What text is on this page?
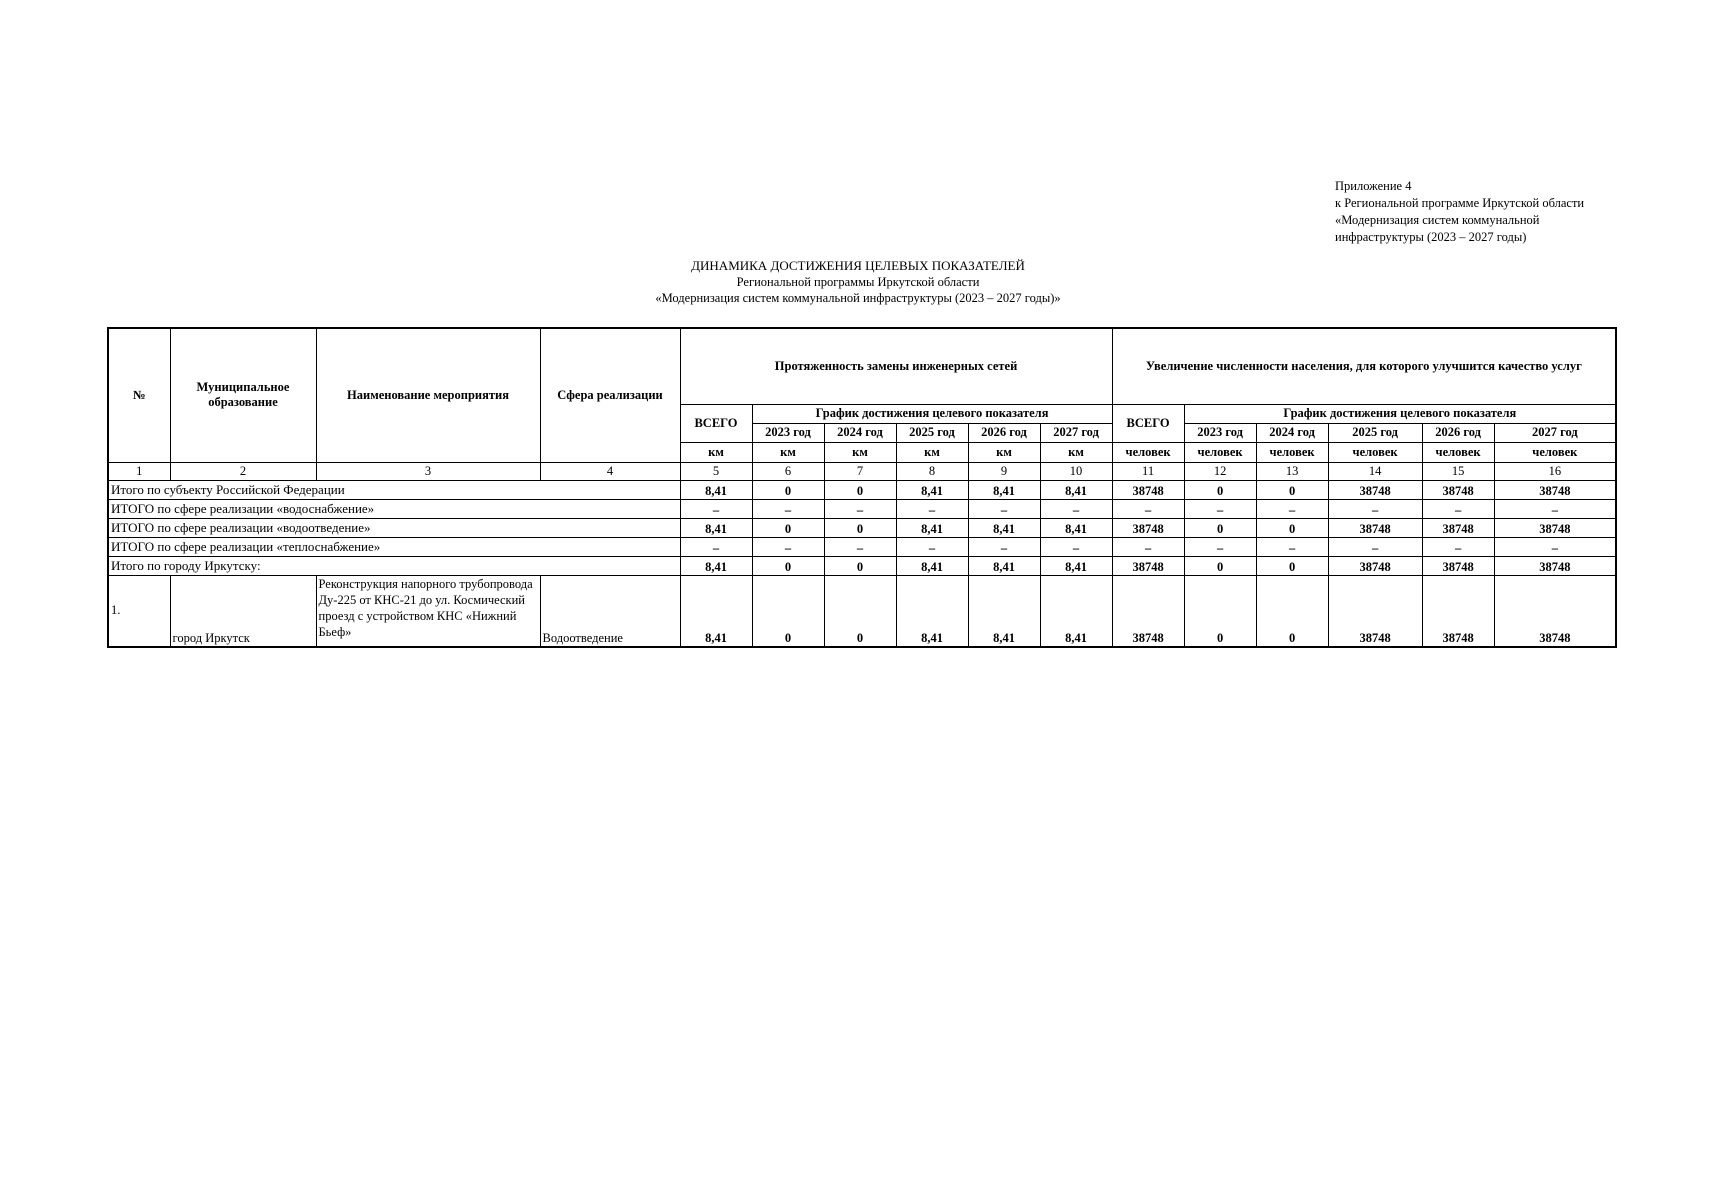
Приложение 4
к Региональной программе Иркутской области
«Модернизация систем коммунальной
инфраструктуры (2023 – 2027 годы)
ДИНАМИКА ДОСТИЖЕНИЯ ЦЕЛЕВЫХ ПОКАЗАТЕЛЕЙ
Региональной программы Иркутской области
«Модернизация систем коммунальной инфраструктуры (2023 – 2027 годы)»
№	Муниципальное образование	Наименование мероприятия	Сфера реализации	Протяженность замены инженерных сетей						Увеличение численности населения, для которого улучшится качество услуг					
				ВСЕГО	График достижения целевого показателя					ВСЕГО	График достижения целевого показателя				
					2023 год	2024 год	2025 год	2026 год	2027 год		2023 год	2024 год	2025 год	2026 год	2027 год
				км	км	км	км	км	км	человек	человек	человек	человек	человек	человек
1	2	3	4	5	6	7	8	9	10	11	12	13	14	15	16
Итого по субъекту Российской Федерации				8,41	0	0	8,41	8,41	8,41	38748	0	0	38748	38748	38748
ИТОГО по сфере реализации «водоснабжение»				–	–	–	–	–	–	–	–	–	–	–	–
ИТОГО по сфере реализации «водоотведение»				8,41	0	0	8,41	8,41	8,41	38748	0	0	38748	38748	38748
ИТОГО по сфере реализации «теплоснабжение»				–	–	–	–	–	–	–	–	–	–	–	–
Итого по городу Иркутску:				8,41	0	0	8,41	8,41	8,41	38748	0	0	38748	38748	38748
1.	город Иркутск	Реконструкция напорного трубопровода Ду-225 от КНС-21 до ул. Космический проезд с устройством КНС «Нижний Бьеф»	Водоотведение	8,41	0	0	8,41	8,41	8,41	38748	0	0	38748	38748	38748
